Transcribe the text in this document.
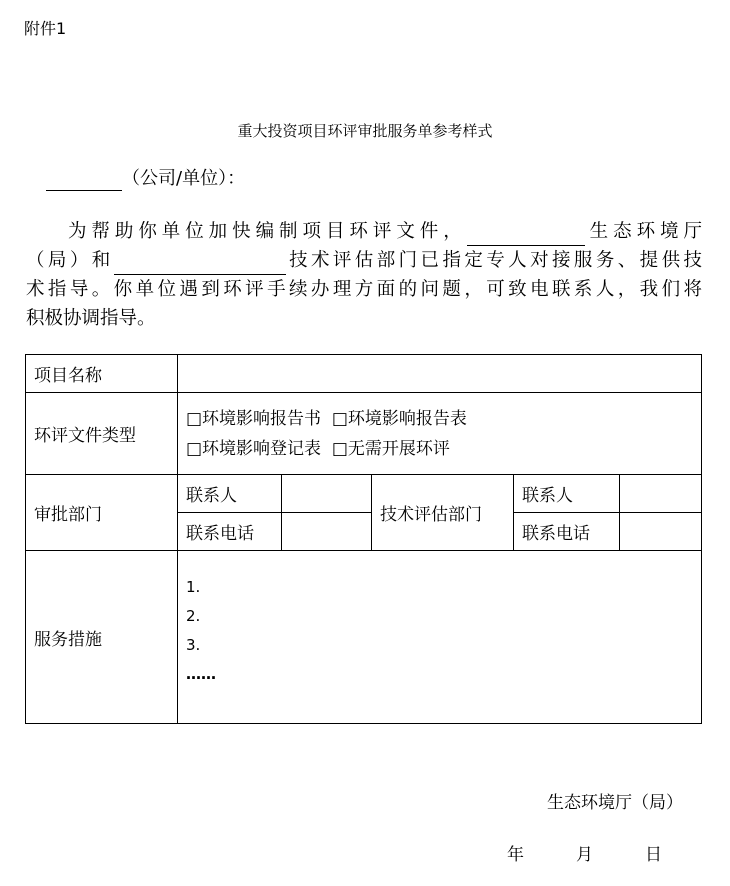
附件1
重大投资项目环评审批服务单参考样式
（公司/单位）：
为帮助你单位加快编制项目环评文件，	生态环境厅
（局）和	技术评估部门已指定专人对接服务、提供技
术指导。你单位遇到环评手续办理方面的问题，可致电联系人，我们将
积极协调指导。
项目名称					
环评文件类型	□环境影响报告书 □环境影响报告表
□环境影响登记表 □无需开展环评				

审批部门	联系人		技术评估部门	联系人	
	联系电话			联系电话	
服务措施	1.
2.
3.
……				
生态环境厅（局）
年	月	日
